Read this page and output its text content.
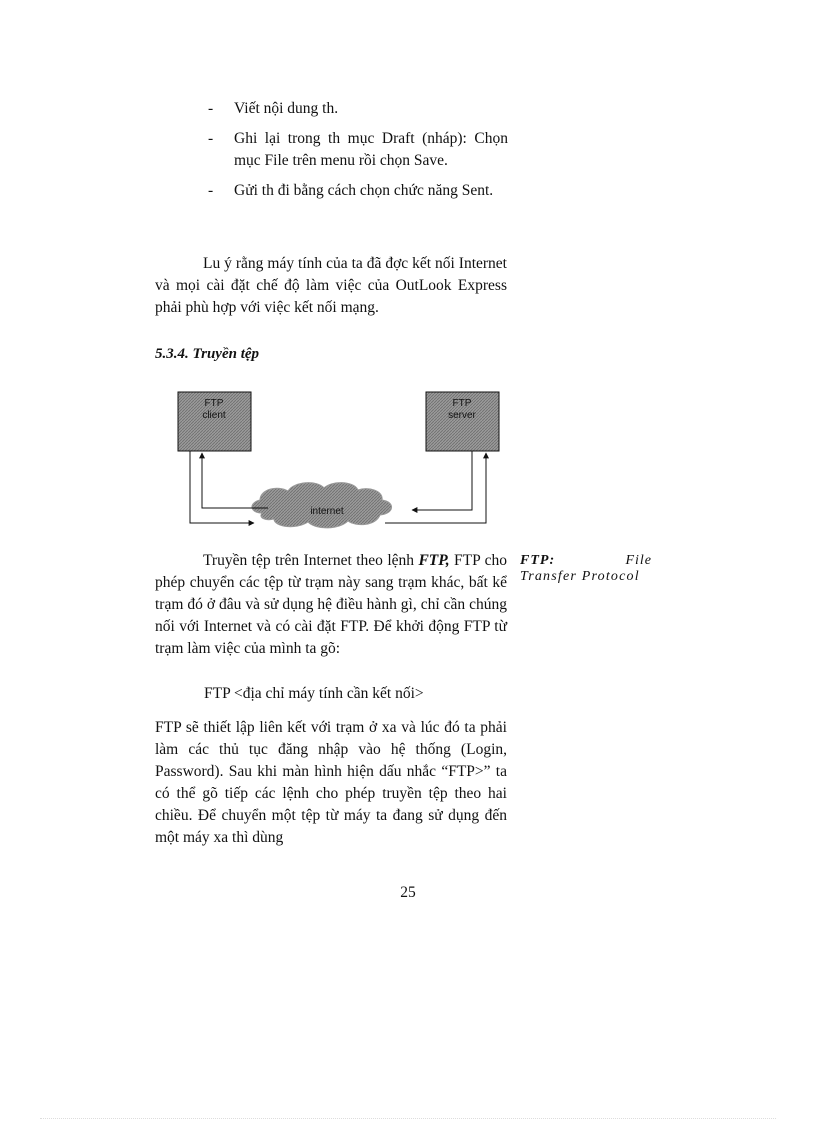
- Viết nội dung th.
- Ghi lại trong th mục Draft (nháp): Chọn mục File trên menu rồi chọn Save.
- Gửi th đi bằng cách chọn chức năng Sent.
Lu ý rằng máy tính của ta đã đợc kết nối Internet và mọi cài đặt chế độ làm việc của OutLook Express phải phù hợp với việc kết nối mạng.
5.3.4. Truyền tệp
FTP
client
FTP
server
internet
Truyền tệp trên Internet theo lệnh FTP, FTP cho phép chuyển các tệp từ trạm này sang trạm khác, bất kể trạm đó ở đâu và sử dụng hệ điều hành gì, chỉ cần chúng nối với Internet và có cài đặt FTP. Để khởi động FTP từ trạm làm việc của mình ta gõ:
FTP <địa chỉ máy tính cần kết nối>
FTP sẽ thiết lập liên kết với trạm ở xa và lúc đó ta phải làm các thủ tục đăng nhập vào hệ thống (Login, Password). Sau khi màn hình hiện dấu nhắc “FTP>” ta có thể gõ tiếp các lệnh cho phép truyền tệp theo hai chiều. Để chuyển một tệp từ máy ta đang sử dụng đến một máy xa thì dùng
FTP:	File
Transfer Protocol
25
